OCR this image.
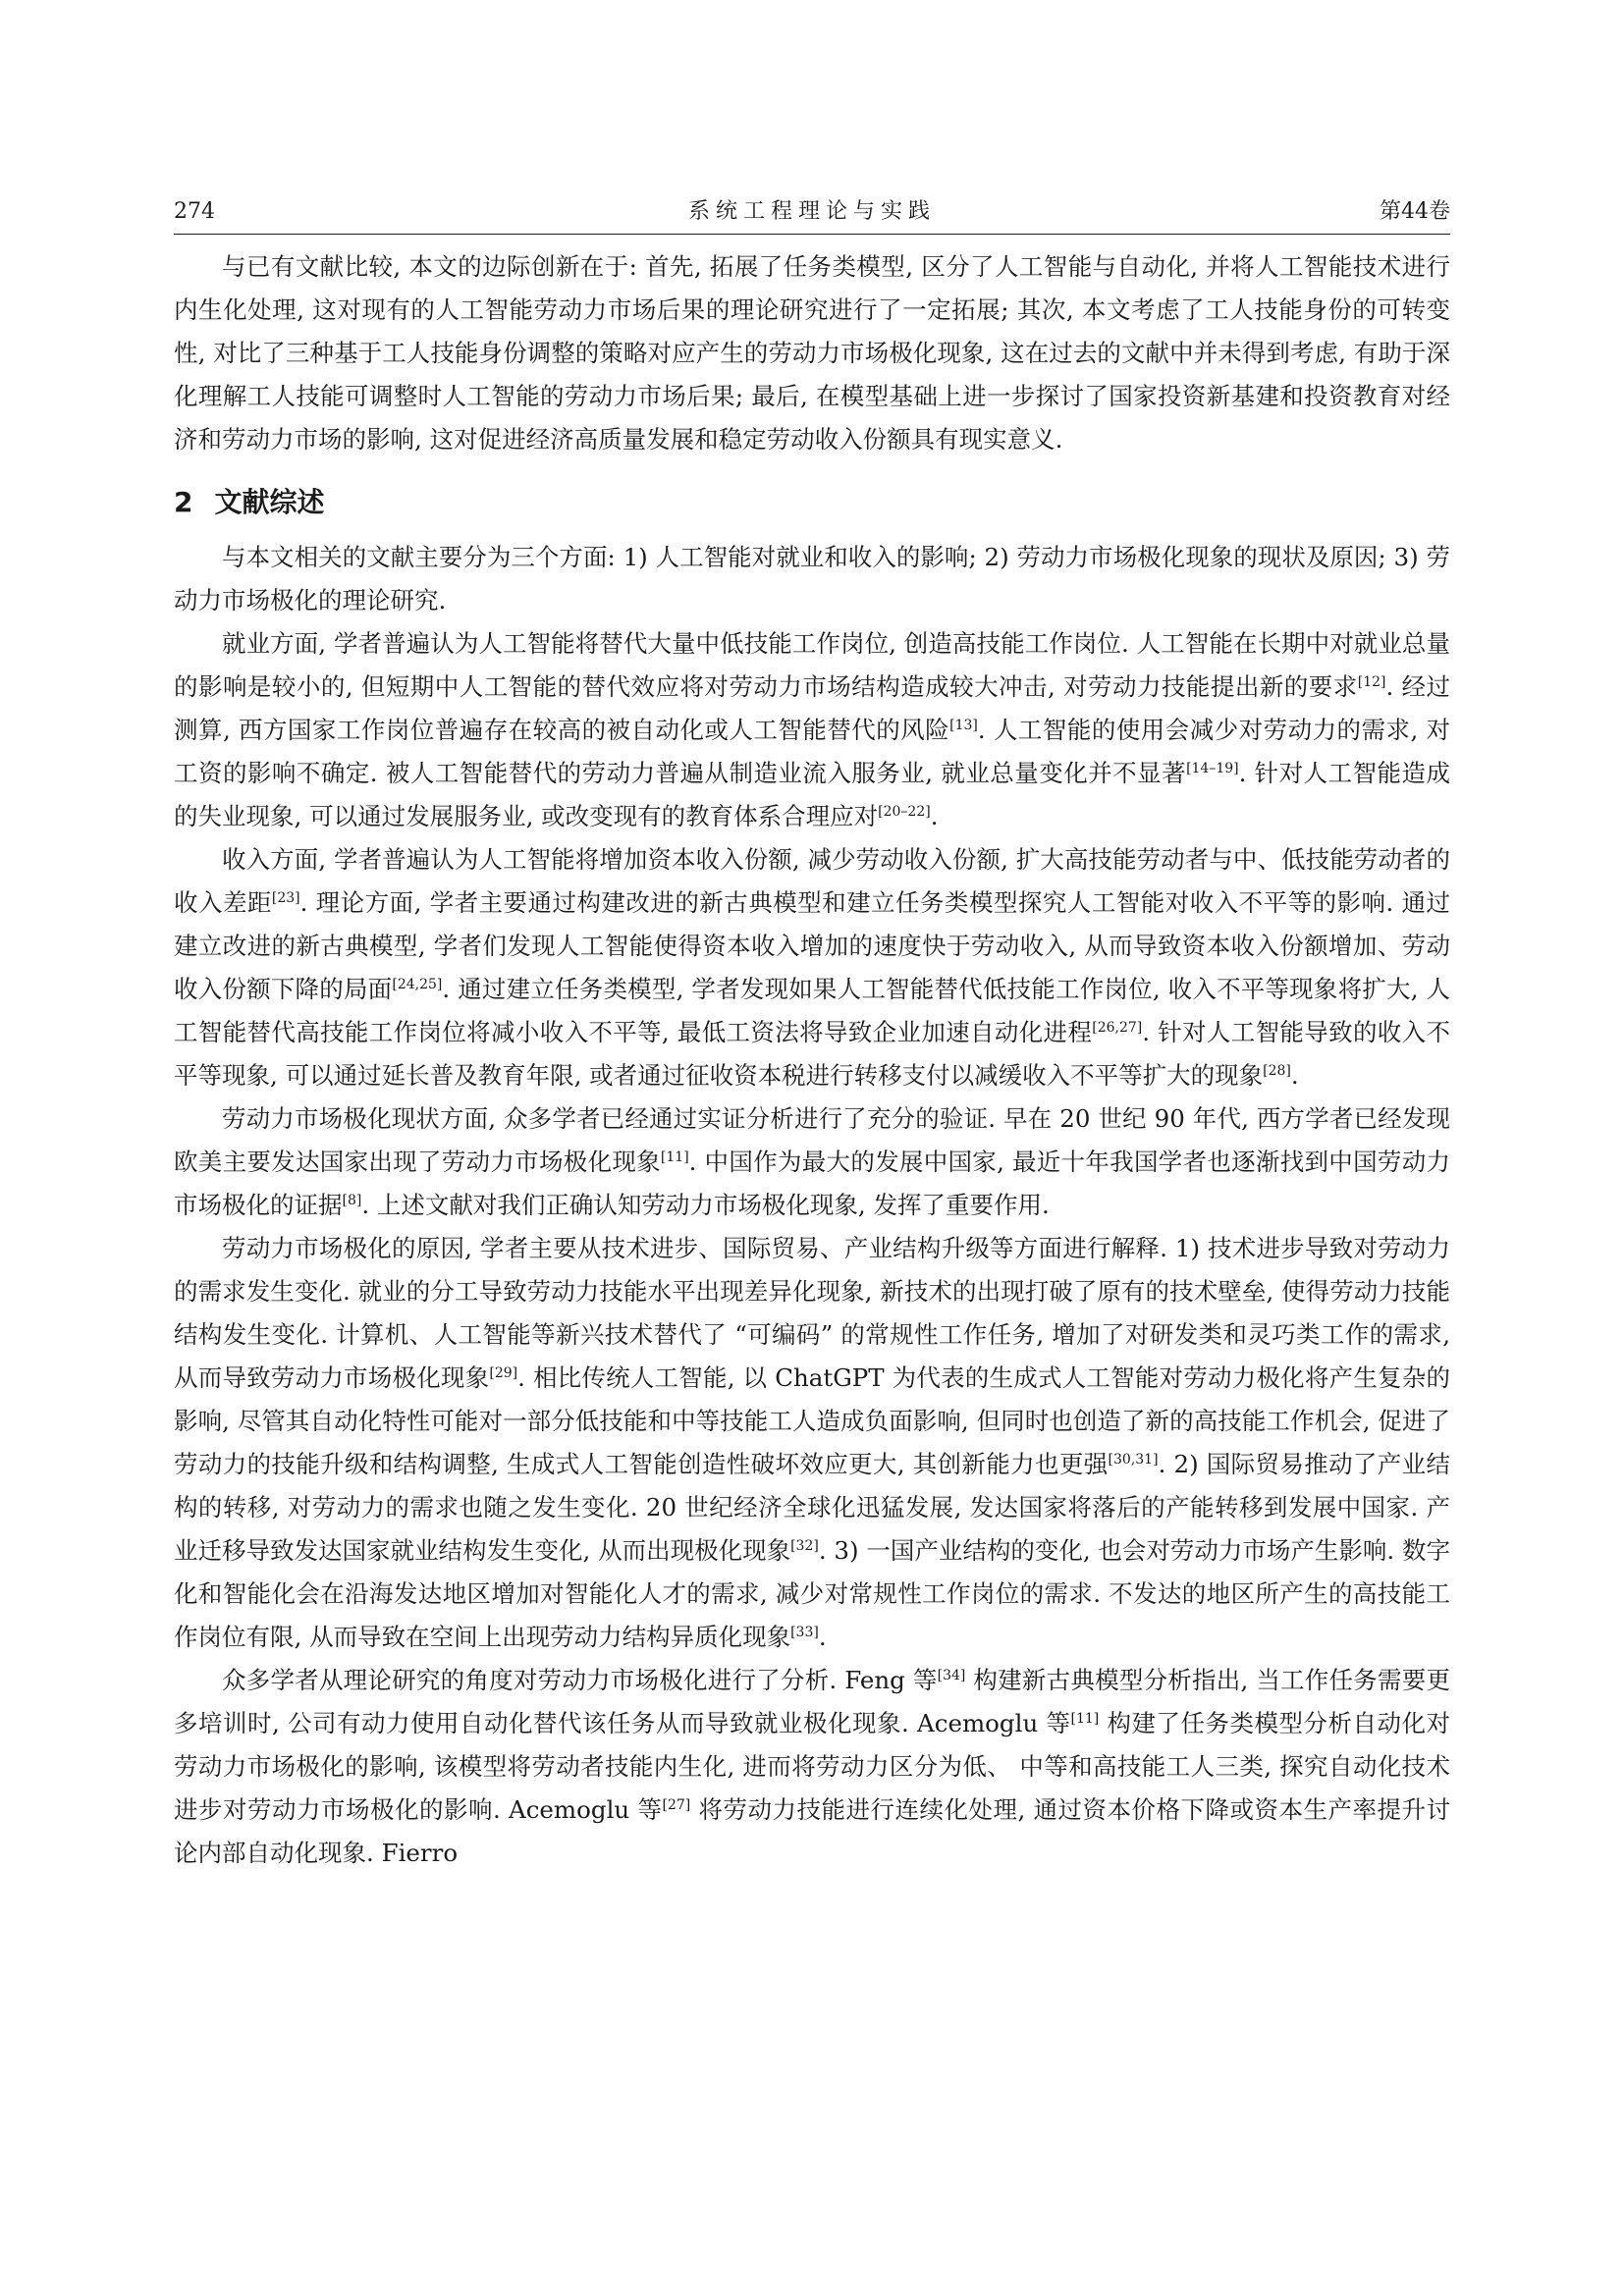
274	系统工程理论与实践	第44卷

与已有文献比较, 本文的边际创新在于: 首先, 拓展了任务类模型, 区分了人工智能与自动化, 并将人工智能技术进行内生化处理, 这对现有的人工智能劳动力市场后果的理论研究进行了一定拓展; 其次, 本文考虑了工人技能身份的可转变性, 对比了三种基于工人技能身份调整的策略对应产生的劳动力市场极化现象, 这在过去的文献中并未得到考虑, 有助于深化理解工人技能可调整时人工智能的劳动力市场后果; 最后, 在模型基础上进一步探讨了国家投资新基建和投资教育对经济和劳动力市场的影响, 这对促进经济高质量发展和稳定劳动收入份额具有现实意义.

2 文献综述

与本文相关的文献主要分为三个方面: 1) 人工智能对就业和收入的影响; 2) 劳动力市场极化现象的现状及原因; 3) 劳动力市场极化的理论研究.

就业方面, 学者普遍认为人工智能将替代大量中低技能工作岗位, 创造高技能工作岗位. 人工智能在长期中对就业总量的影响是较小的, 但短期中人工智能的替代效应将对劳动力市场结构造成较大冲击, 对劳动力技能提出新的要求[12]. 经过测算, 西方国家工作岗位普遍存在较高的被自动化或人工智能替代的风险[13]. 人工智能的使用会减少对劳动力的需求, 对工资的影响不确定. 被人工智能替代的劳动力普遍从制造业流入服务业, 就业总量变化并不显著[14–19]. 针对人工智能造成的失业现象, 可以通过发展服务业, 或改变现有的教育体系合理应对[20–22].

收入方面, 学者普遍认为人工智能将增加资本收入份额, 减少劳动收入份额, 扩大高技能劳动者与中、低技能劳动者的收入差距[23]. 理论方面, 学者主要通过构建改进的新古典模型和建立任务类模型探究人工智能对收入不平等的影响. 通过建立改进的新古典模型, 学者们发现人工智能使得资本收入增加的速度快于劳动收入, 从而导致资本收入份额增加、劳动收入份额下降的局面[24,25]. 通过建立任务类模型, 学者发现如果人工智能替代低技能工作岗位, 收入不平等现象将扩大, 人工智能替代高技能工作岗位将减小收入不平等, 最低工资法将导致企业加速自动化进程[26,27]. 针对人工智能导致的收入不平等现象, 可以通过延长普及教育年限, 或者通过征收资本税进行转移支付以减缓收入不平等扩大的现象[28].

劳动力市场极化现状方面, 众多学者已经通过实证分析进行了充分的验证. 早在 20 世纪 90 年代, 西方学者已经发现欧美主要发达国家出现了劳动力市场极化现象[11]. 中国作为最大的发展中国家, 最近十年我国学者也逐渐找到中国劳动力市场极化的证据[8]. 上述文献对我们正确认知劳动力市场极化现象, 发挥了重要作用.

劳动力市场极化的原因, 学者主要从技术进步、国际贸易、产业结构升级等方面进行解释. 1) 技术进步导致对劳动力的需求发生变化. 就业的分工导致劳动力技能水平出现差异化现象, 新技术的出现打破了原有的技术壁垒, 使得劳动力技能结构发生变化. 计算机、人工智能等新兴技术替代了 “可编码” 的常规性工作任务, 增加了对研发类和灵巧类工作的需求, 从而导致劳动力市场极化现象[29]. 相比传统人工智能, 以 ChatGPT 为代表的生成式人工智能对劳动力极化将产生复杂的影响, 尽管其自动化特性可能对一部分低技能和中等技能工人造成负面影响, 但同时也创造了新的高技能工作机会, 促进了劳动力的技能升级和结构调整, 生成式人工智能创造性破坏效应更大, 其创新能力也更强[30,31]. 2) 国际贸易推动了产业结构的转移, 对劳动力的需求也随之发生变化. 20 世纪经济全球化迅猛发展, 发达国家将落后的产能转移到发展中国家. 产业迁移导致发达国家就业结构发生变化, 从而出现极化现象[32]. 3) 一国产业结构的变化, 也会对劳动力市场产生影响. 数字化和智能化会在沿海发达地区增加对智能化人才的需求, 减少对常规性工作岗位的需求. 不发达的地区所产生的高技能工作岗位有限, 从而导致在空间上出现劳动力结构异质化现象[33].

众多学者从理论研究的角度对劳动力市场极化进行了分析. Feng 等[34] 构建新古典模型分析指出, 当工作任务需要更多培训时, 公司有动力使用自动化替代该任务从而导致就业极化现象. Acemoglu 等[11] 构建了任务类模型分析自动化对劳动力市场极化的影响, 该模型将劳动者技能内生化, 进而将劳动力区分为低、 中等和高技能工人三类, 探究自动化技术进步对劳动力市场极化的影响. Acemoglu 等[27] 将劳动力技能进行连续化处理, 通过资本价格下降或资本生产率提升讨论内部自动化现象. Fierro
